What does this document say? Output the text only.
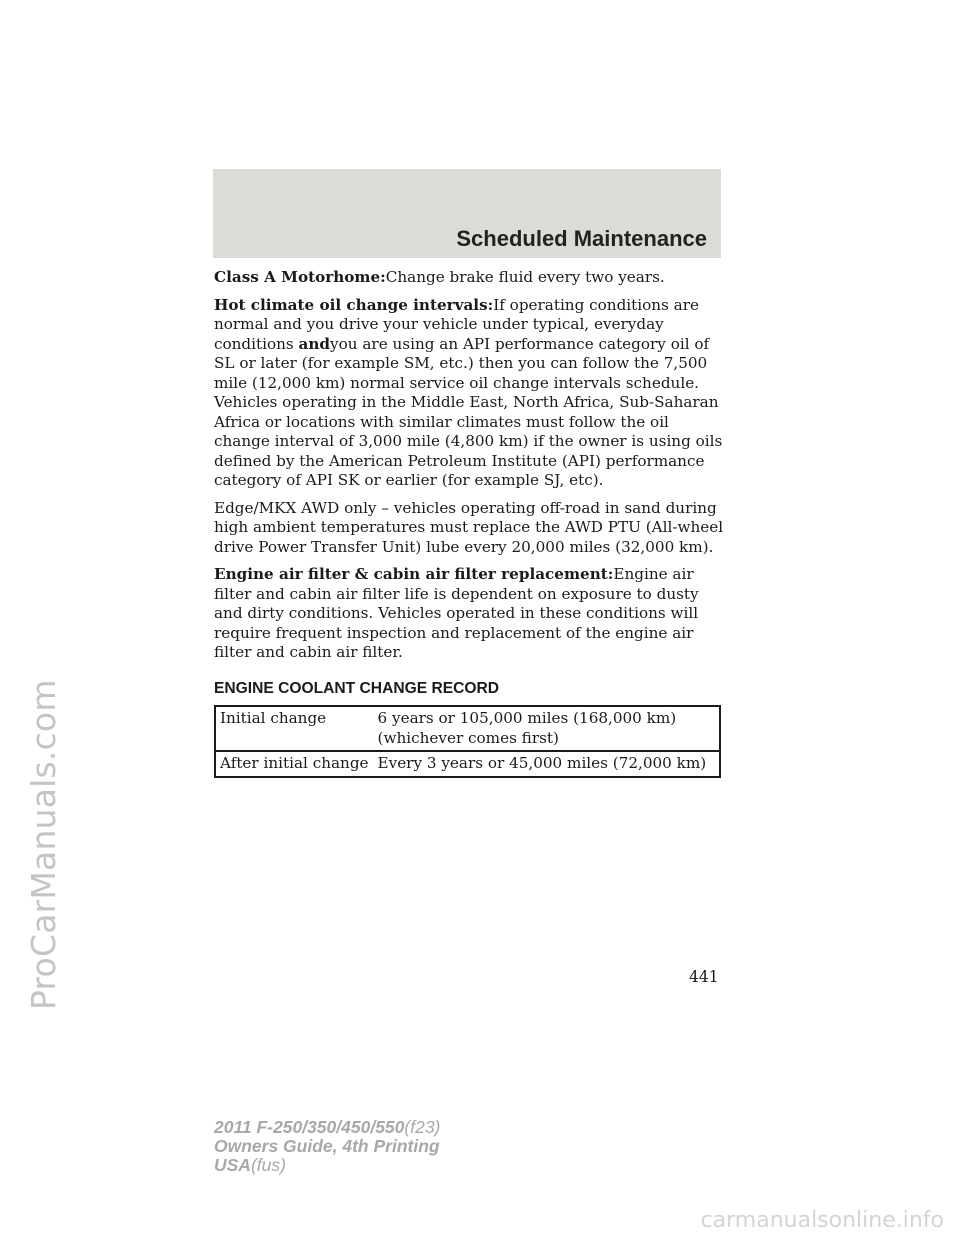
ProCarManuals.com
Scheduled Maintenance

Class A Motorhome:Change brake fluid every two years.

Hot climate oil change intervals:If operating conditions are normal and you drive your vehicle under typical, everyday conditions andyou are using an API performance category oil of SL or later (for example SM, etc.) then you can follow the 7,500 mile (12,000 km) normal service oil change intervals schedule. Vehicles operating in the Middle East, North Africa, Sub-Saharan Africa or locations with similar climates must follow the oil change interval of 3,000 mile (4,800 km) if the owner is using oils defined by the American Petroleum Institute (API) performance category of API SK or earlier (for example SJ, etc).

Edge/MKX AWD only – vehicles operating off-road in sand during high ambient temperatures must replace the AWD PTU (All-wheel drive Power Transfer Unit) lube every 20,000 miles (32,000 km).

Engine air filter & cabin air filter replacement:Engine air filter and cabin air filter life is dependent on exposure to dusty and dirty conditions. Vehicles operated in these conditions will require frequent inspection and replacement of the engine air filter and cabin air filter.

ENGINE COOLANT CHANGE RECORD
Initial change	6 years or 105,000 miles (168,000 km)
(whichever comes first)

After initial change	Every 3 years or 45,000 miles (72,000 km)
441
2011 F-250/350/450/550(f23)
Owners Guide, 4th Printing
USA(fus)
carmanualsonline.info
